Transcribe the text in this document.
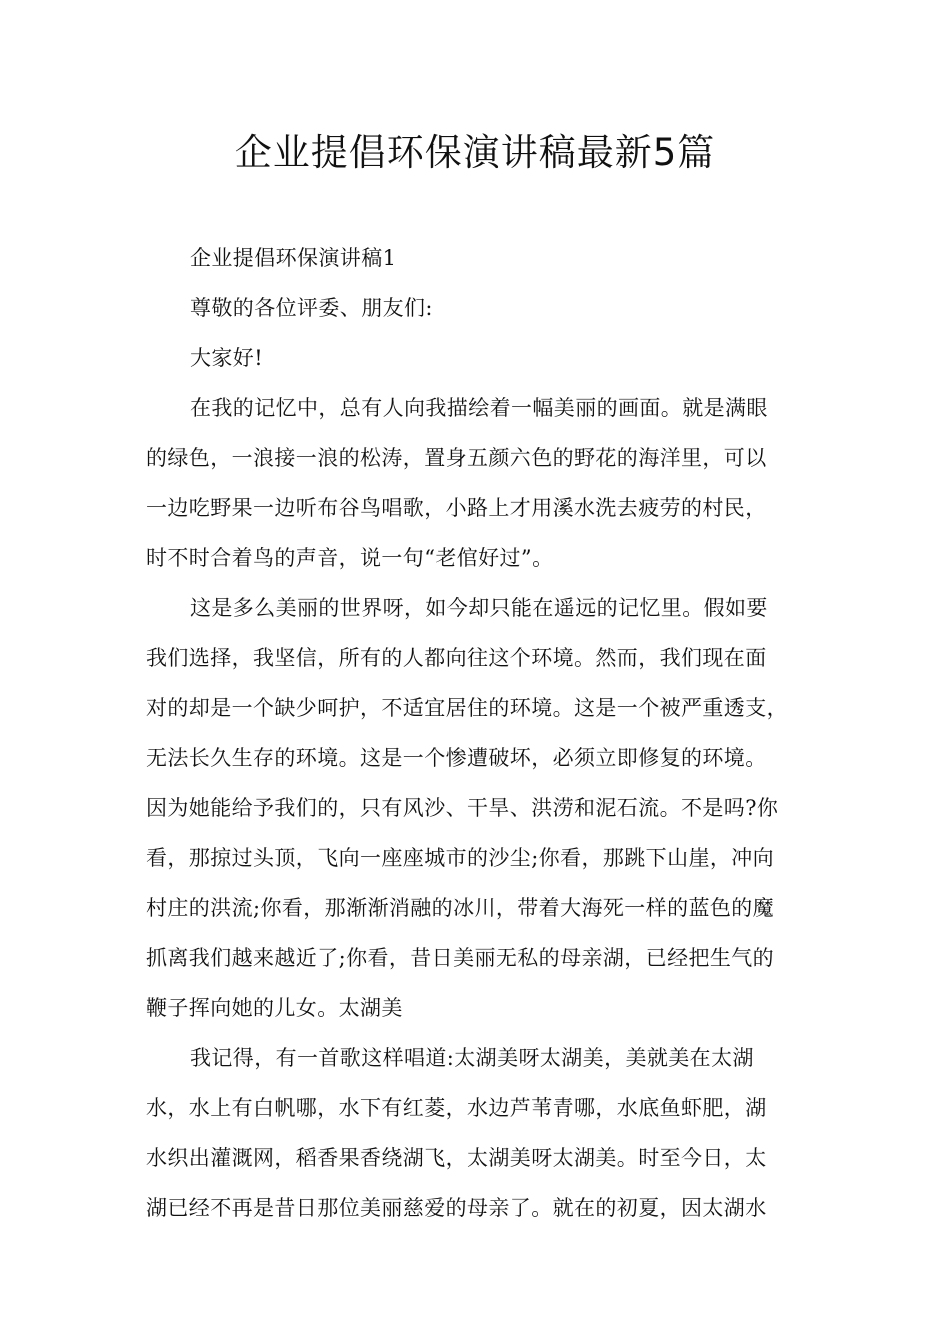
企业提倡环保演讲稿最新5篇
企业提倡环保演讲稿1
尊敬的各位评委、朋友们:
大家好!
在我的记忆中，总有人向我描绘着一幅美丽的画面。就是满眼
的绿色，一浪接一浪的松涛，置身五颜六色的野花的海洋里，可以
一边吃野果一边听布谷鸟唱歌，小路上才用溪水洗去疲劳的村民，
时不时合着鸟的声音，说一句“老倌好过”。
这是多么美丽的世界呀，如今却只能在遥远的记忆里。假如要
我们选择，我坚信，所有的人都向往这个环境。然而，我们现在面
对的却是一个缺少呵护，不适宜居住的环境。这是一个被严重透支，
无法长久生存的环境。这是一个惨遭破坏，必须立即修复的环境。
因为她能给予我们的，只有风沙、干旱、洪涝和泥石流。不是吗?你
看，那掠过头顶，飞向一座座城市的沙尘;你看，那跳下山崖，冲向
村庄的洪流;你看，那渐渐消融的冰川，带着大海死一样的蓝色的魔
抓离我们越来越近了;你看，昔日美丽无私的母亲湖，已经把生气的
鞭子挥向她的儿女。太湖美
我记得，有一首歌这样唱道:太湖美呀太湖美，美就美在太湖
水，水上有白帆哪，水下有红菱，水边芦苇青哪，水底鱼虾肥，湖
水织出灌溉网，稻香果香绕湖飞，太湖美呀太湖美。时至今日，太
湖已经不再是昔日那位美丽慈爱的母亲了。就在的初夏，因太湖水
